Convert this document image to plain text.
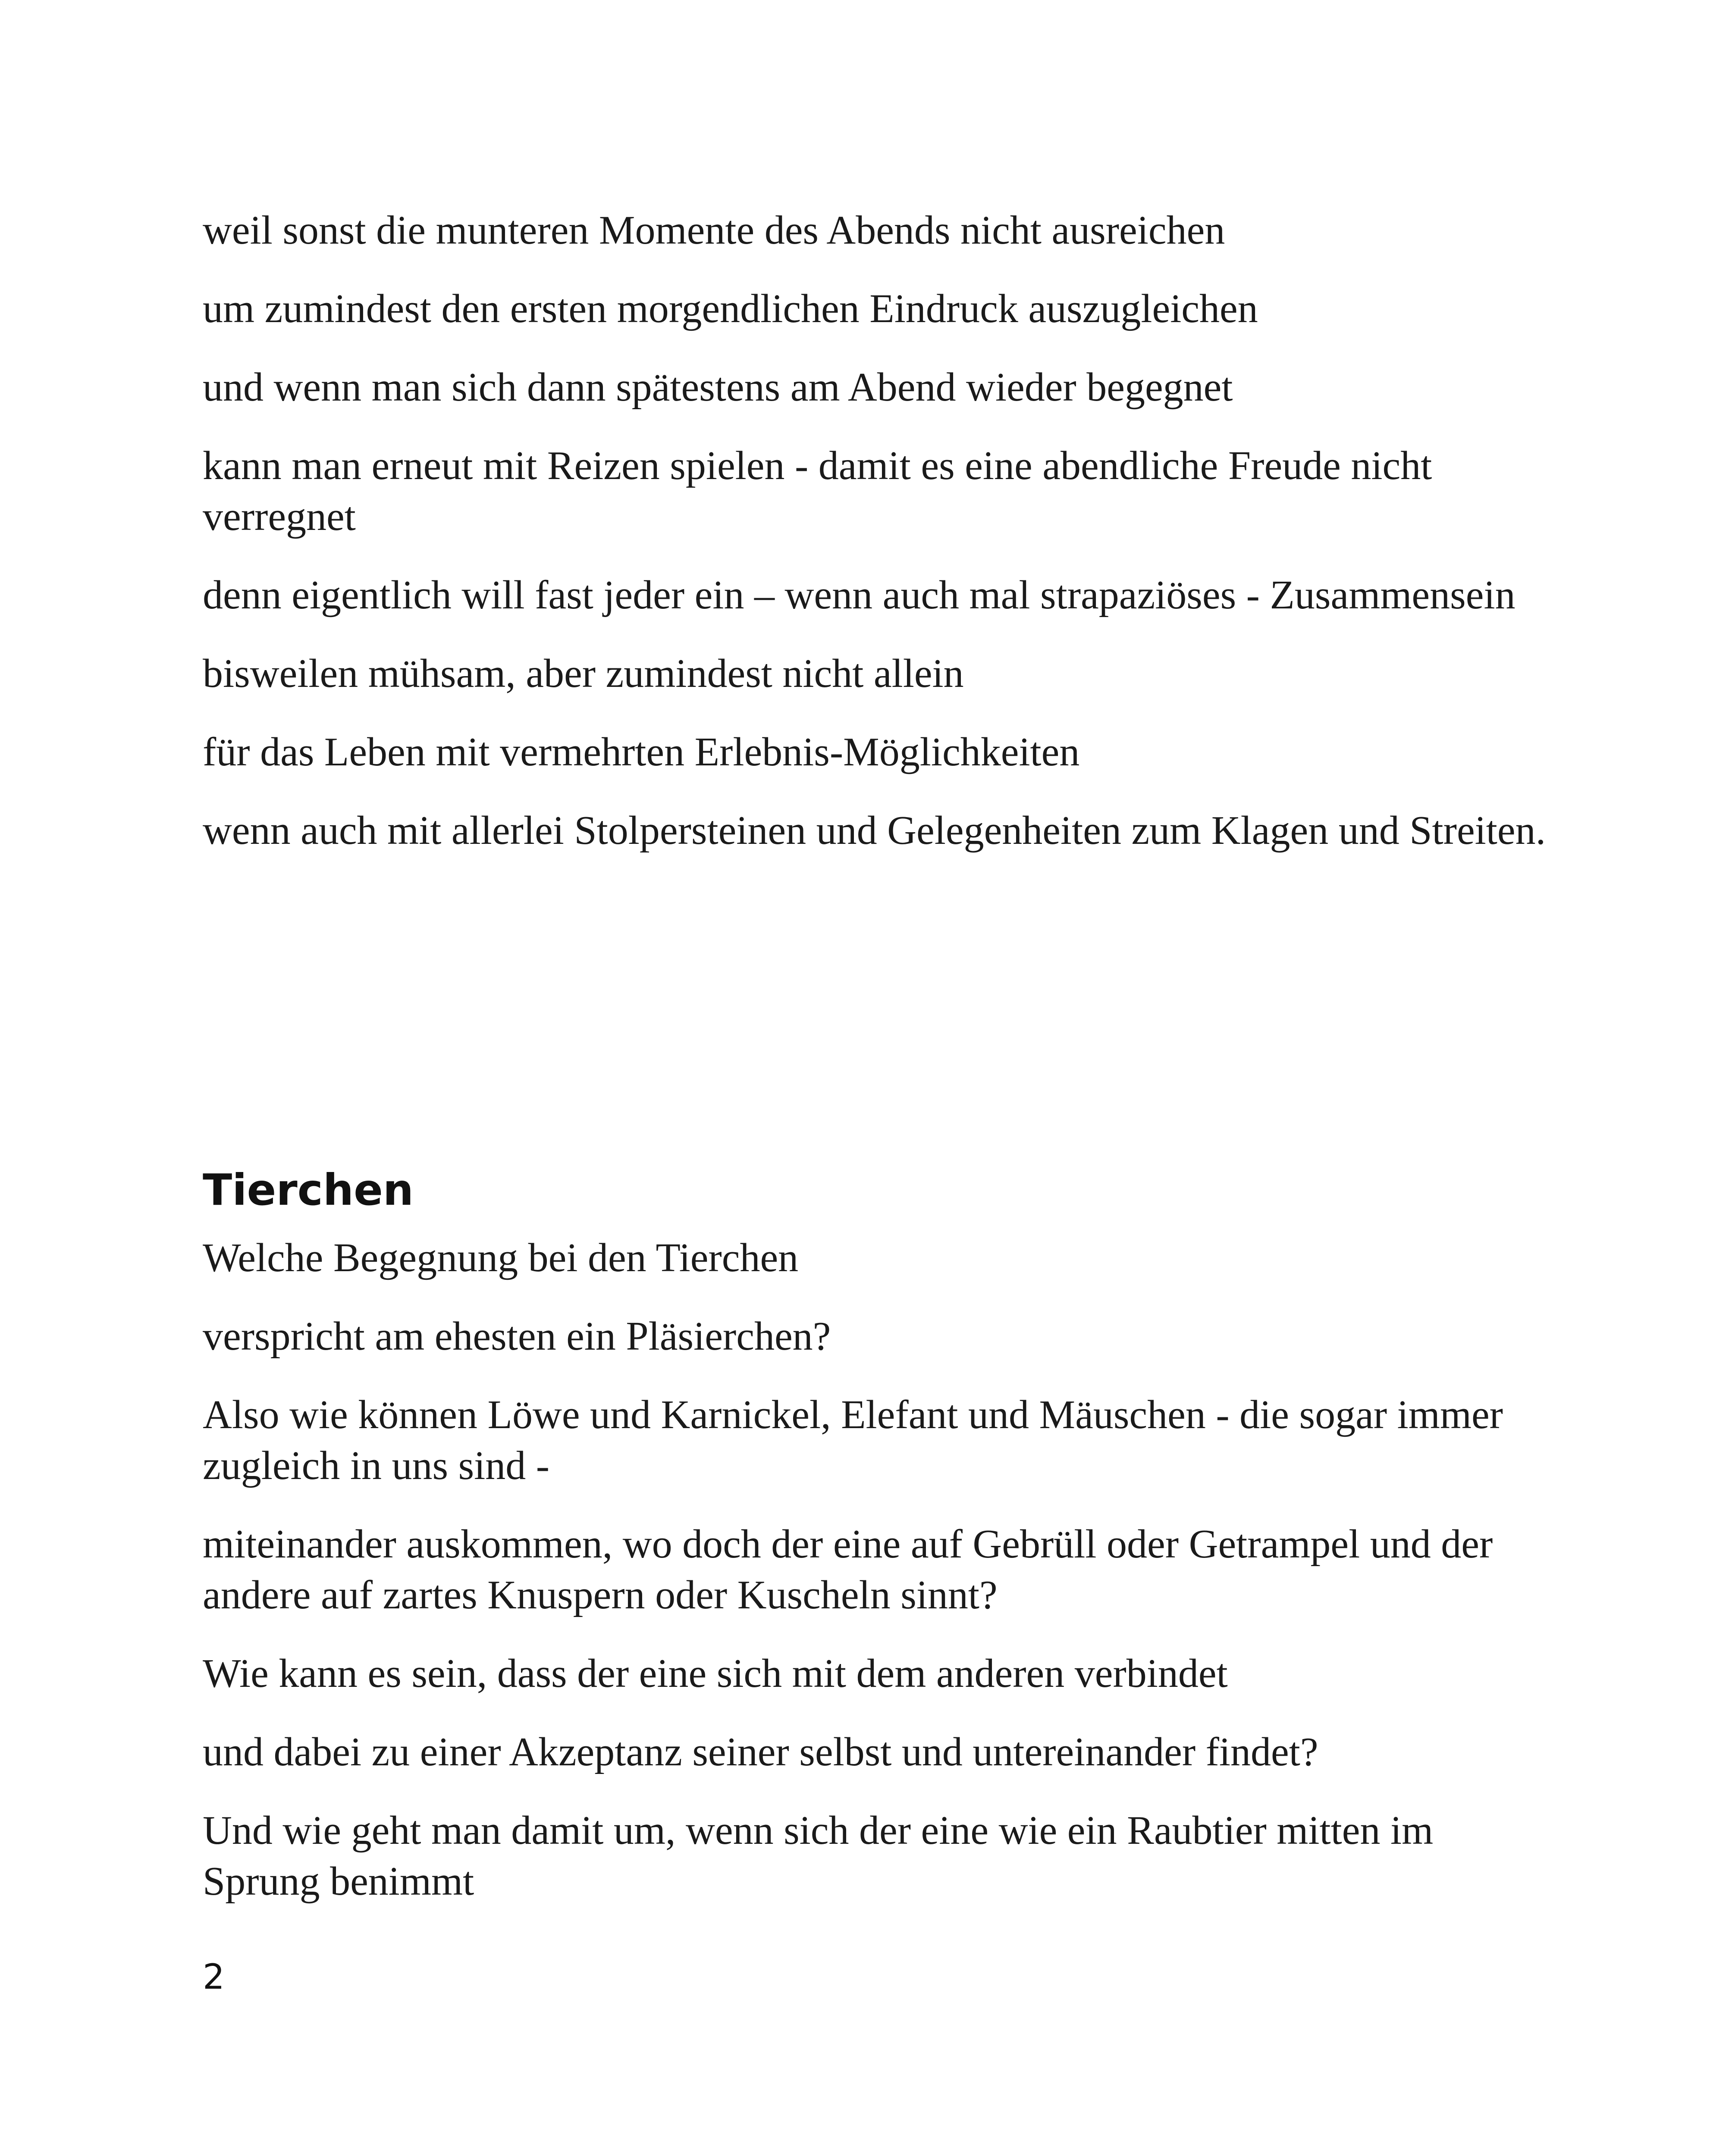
weil sonst die munteren Momente des Abends nicht ausreichen

um zumindest den ersten morgendlichen Eindruck auszugleichen

und wenn man sich dann spätestens am Abend wieder begegnet

kann man erneut mit Reizen spielen - damit es eine abendliche Freude nicht verregnet

denn eigentlich will fast jeder ein – wenn auch mal strapaziöses - Zusammensein

bisweilen mühsam, aber zumindest nicht allein

für das Leben mit vermehrten Erlebnis-Möglichkeiten

wenn auch mit allerlei Stolpersteinen und Gelegenheiten zum Klagen und Streiten.

Tierchen

Welche Begegnung bei den Tierchen

verspricht am ehesten ein Pläsierchen?

Also wie können Löwe und Karnickel, Elefant und Mäuschen - die sogar immer zugleich in uns sind -

miteinander auskommen, wo doch der eine auf Gebrüll oder Getrampel und der andere auf zartes Knuspern oder Kuscheln sinnt?

Wie kann es sein, dass der eine sich mit dem anderen verbindet

und dabei zu einer Akzeptanz seiner selbst und untereinander findet?

Und wie geht man damit um, wenn sich der eine wie ein Raubtier mitten im Sprung benimmt

2
